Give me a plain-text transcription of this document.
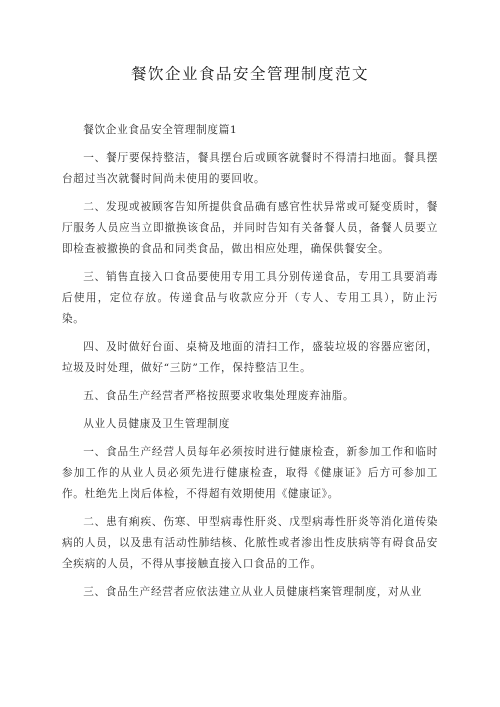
餐饮企业食品安全管理制度范文

餐饮企业食品安全管理制度篇1

一、餐厅要保持整洁，餐具摆台后或顾客就餐时不得清扫地面。餐具摆台超过当次就餐时间尚未使用的要回收。

二、发现或被顾客告知所提供食品确有感官性状异常或可疑变质时，餐厅服务人员应当立即撤换该食品，并同时告知有关备餐人员，备餐人员要立即检查被撤换的食品和同类食品，做出相应处理，确保供餐安全。

三、销售直接入口食品要使用专用工具分别传递食品，专用工具要消毒后使用，定位存放。传递食品与收款应分开（专人、专用工具），防止污染。

四、及时做好台面、桌椅及地面的清扫工作，盛装垃圾的容器应密闭，垃圾及时处理，做好“三防”工作，保持整洁卫生。

五、食品生产经营者严格按照要求收集处理废弃油脂。

从业人员健康及卫生管理制度

一、食品生产经营人员每年必须按时进行健康检查，新参加工作和临时参加工作的从业人员必须先进行健康检查，取得《健康证》后方可参加工作。杜绝先上岗后体检，不得超有效期使用《健康证》。

二、患有痢疾、伤寒、甲型病毒性肝炎、戊型病毒性肝炎等消化道传染病的人员，以及患有活动性肺结核、化脓性或者渗出性皮肤病等有碍食品安全疾病的人员，不得从事接触直接入口食品的工作。

三、食品生产经营者应依法建立从业人员健康档案管理制度，对从业
